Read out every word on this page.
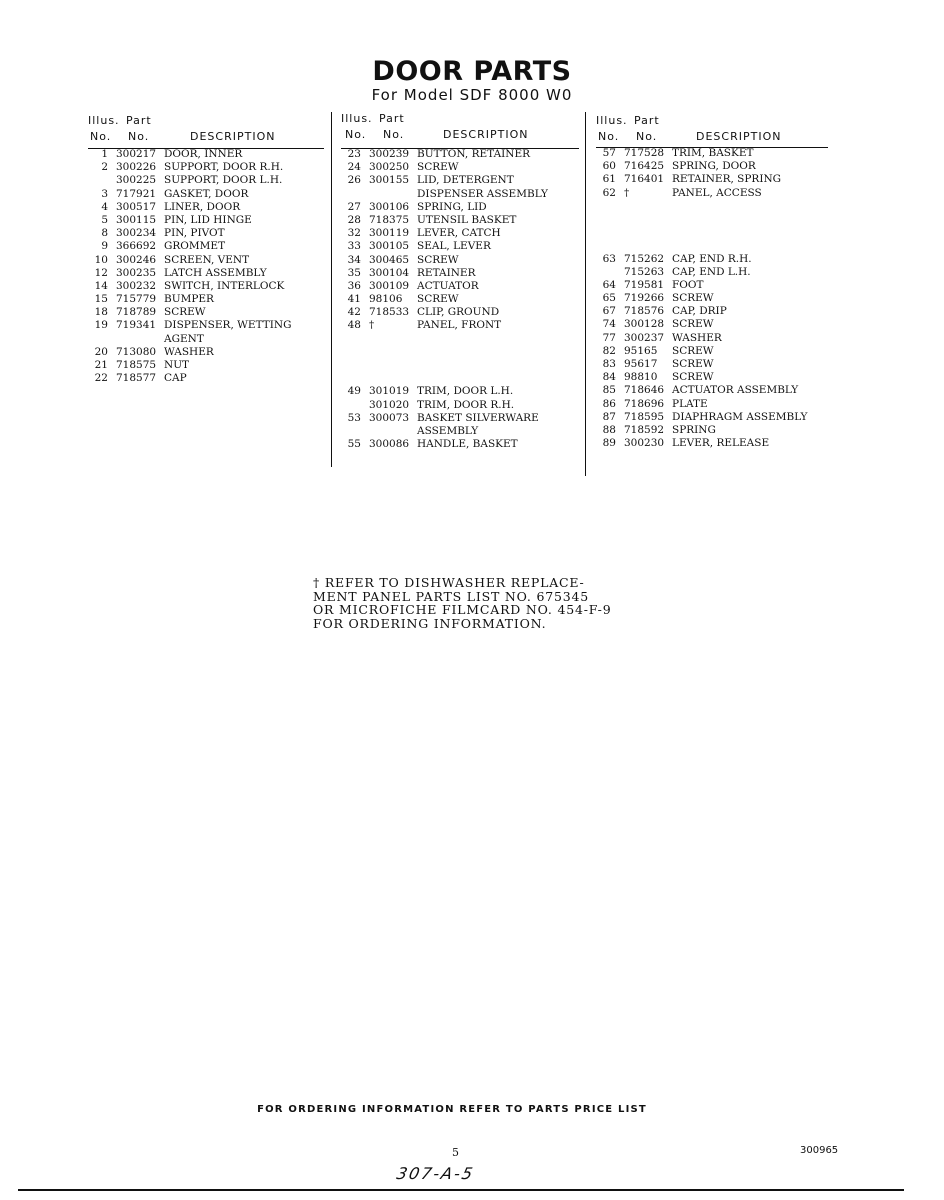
DOOR PARTS
For Model SDF 8000 W0
Illus. Part
No. No.	DESCRIPTION
1 300217 DOOR, INNER
2 300226 SUPPORT, DOOR R.H.
300225 SUPPORT, DOOR L.H.
3 717921 GASKET, DOOR
4 300517 LINER, DOOR
5 300115 PIN, LID HINGE
8 300234 PIN, PIVOT
9 366692 GROMMET
10 300246 SCREEN, VENT
12 300235 LATCH ASSEMBLY
14 300232 SWITCH, INTERLOCK
15 715779 BUMPER
18 718789 SCREW
19 719341 DISPENSER, WETTING
AGENT
20 713080 WASHER
21 718575 NUT
22 718577 CAP
Illus. Part
No. No.	DESCRIPTION
23 300239 BUTTON, RETAINER
24 300250 SCREW
26 300155 LID, DETERGENT
DISPENSER ASSEMBLY
27 300106 SPRING, LID
28 718375 UTENSIL BASKET
32 300119 LEVER, CATCH
33 300105 SEAL, LEVER
34 300465 SCREW
35 300104 RETAINER
36 300109 ACTUATOR
41 98106 SCREW
42 718533 CLIP, GROUND
48 †	PANEL, FRONT
49 301019 TRIM, DOOR L.H.
301020 TRIM, DOOR R.H.
53 300073 BASKET SILVERWARE
ASSEMBLY
55 300086 HANDLE, BASKET
Illus. Part
No. No.	DESCRIPTION
57 717528 TRIM, BASKET
60 716425 SPRING, DOOR
61 716401 RETAINER, SPRING
62 †	PANEL, ACCESS
63 715262 CAP, END R.H.
715263 CAP, END L.H.
64 719581 FOOT
65 719266 SCREW
67 718576 CAP, DRIP
74 300128 SCREW
77 300237 WASHER
82 95165 SCREW
83 95617 SCREW
84 98810 SCREW
85 718646 ACTUATOR ASSEMBLY
86 718696 PLATE
87 718595 DIAPHRAGM ASSEMBLY
88 718592 SPRING
89 300230 LEVER, RELEASE
† REFER TO DISHWASHER REPLACE-
MENT PANEL PARTS LIST NO. 675345
OR MICROFICHE FILMCARD NO. 454-F-9
FOR ORDERING INFORMATION.
FOR ORDERING INFORMATION REFER TO PARTS PRICE LIST
5	300965
307-A-5
